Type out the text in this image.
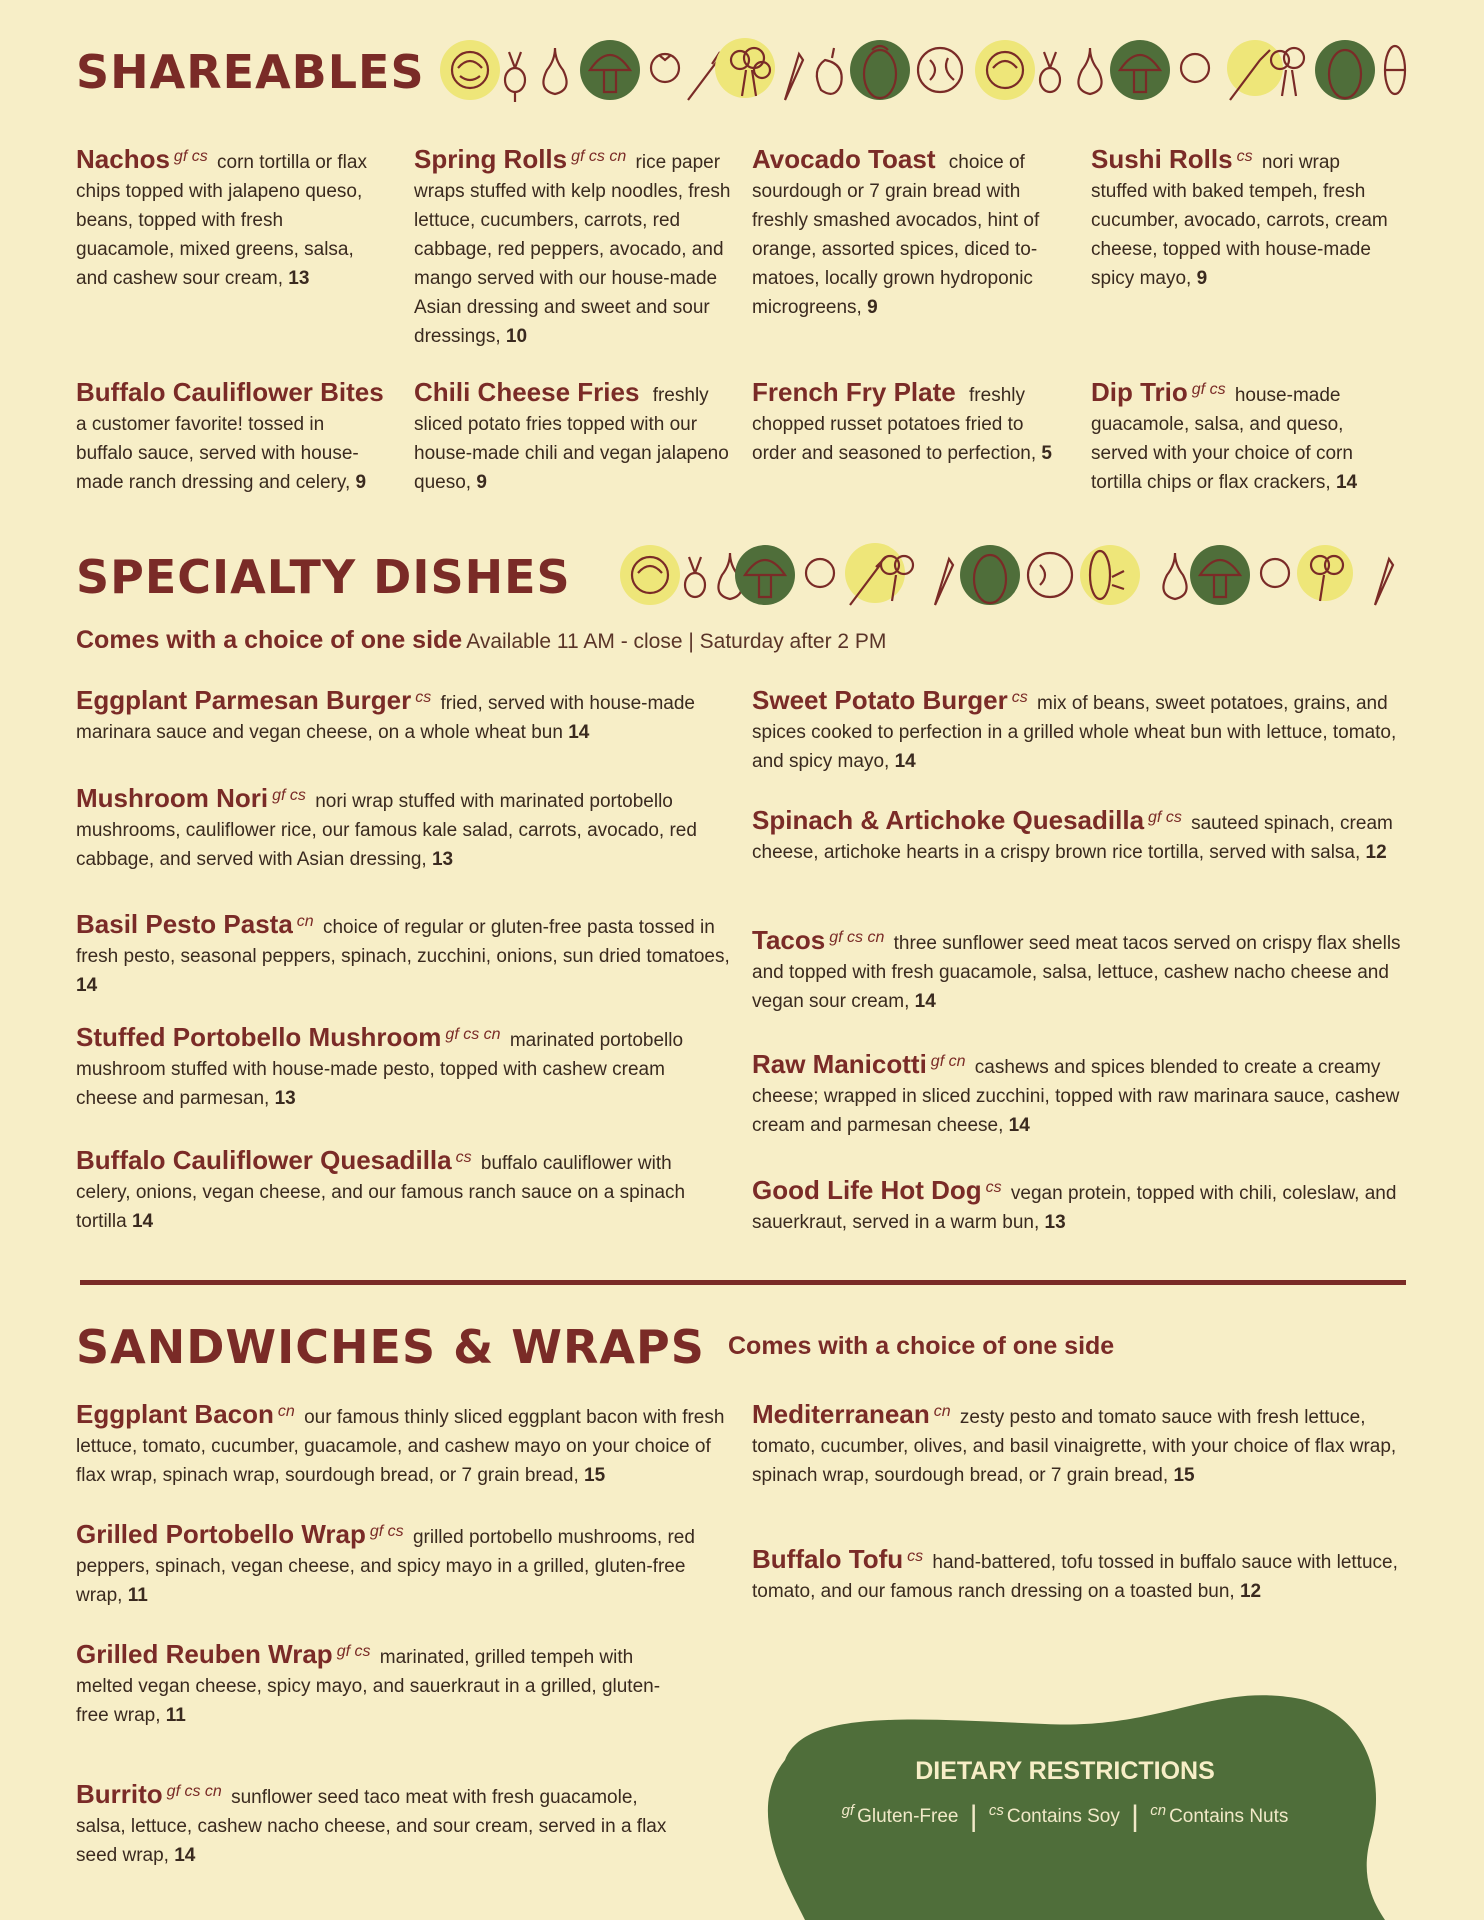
SHAREABLES

Nachos $^{gf cs}$ corn tortilla or flax chips topped with jalapeno queso, beans, topped with fresh guacamole, mixed greens, salsa, and cashew sour cream, 13

Spring Rolls $^{gf cs cn}$ rice paper wraps stuffed with kelp noodles, fresh lettuce, cucumbers, carrots, red cabbage, red peppers, avocado, and mango served with our house-made Asian dressing and sweet and sour dressings, 10

Avocado Toast choice of sourdough or 7 grain bread with freshly smashed avocados, hint of orange, assorted spices, diced to-matoes, locally grown hydroponic microgreens, 9

Sushi Rolls $^{cs}$ nori wrap stuffed with baked tempeh, fresh cucumber, avocado, carrots, cream cheese, topped with house-made spicy mayo, 9

Buffalo Cauliflower Bites a customer favorite! tossed in buffalo sauce, served with house-made ranch dressing and celery, 9

Chili Cheese Fries freshly sliced potato fries topped with our house-made chili and vegan jalapeno queso, 9

French Fry Plate freshly chopped russet potatoes fried to order and seasoned to perfection, 5

Dip Trio $^{gf cs}$ house-made guacamole, salsa, and queso, served with your choice of corn tortilla chips or flax crackers, 14

SPECIALTY DISHES

Comes with a choice of one side Available 11 AM - close | Saturday after 2 PM

Eggplant Parmesan Burger $^{cs}$ fried, served with house-made marinara sauce and vegan cheese, on a whole wheat bun 14

Mushroom Nori $^{gf cs}$ nori wrap stuffed with marinated portobello mushrooms, cauliflower rice, our famous kale salad, carrots, avocado, red cabbage, and served with Asian dressing, 13

Basil Pesto Pasta $^{cn}$ choice of regular or gluten-free pasta tossed in fresh pesto, seasonal peppers, spinach, zucchini, onions, sun dried tomatoes, 14

Stuffed Portobello Mushroom $^{gf cs cn}$ marinated portobello mushroom stuffed with house-made pesto, topped with cashew cream cheese and parmesan, 13

Buffalo Cauliflower Quesadilla $^{cs}$ buffalo cauliflower with celery, onions, vegan cheese, and our famous ranch sauce on a spinach tortilla 14

Sweet Potato Burger $^{cs}$ mix of beans, sweet potatoes, grains, and spices cooked to perfection in a grilled whole wheat bun with lettuce, tomato, and spicy mayo, 14

Spinach & Artichoke Quesadilla $^{gf cs}$ sauteed spinach, cream cheese, artichoke hearts in a crispy brown rice tortilla, served with salsa, 12

Tacos $^{gf cs cn}$ three sunflower seed meat tacos served on crispy flax shells and topped with fresh guacamole, salsa, lettuce, cashew nacho cheese and vegan sour cream, 14

Raw Manicotti $^{gf cn}$ cashews and spices blended to create a creamy cheese; wrapped in sliced zucchini, topped with raw marinara sauce, cashew cream and parmesan cheese, 14

Good Life Hot Dog $^{cs}$ vegan protein, topped with chili, coleslaw, and sauerkraut, served in a warm bun, 13

SANDWICHES & WRAPS Comes with a choice of one side

Eggplant Bacon $^{cn}$ our famous thinly sliced eggplant bacon with fresh lettuce, tomato, cucumber, guacamole, and cashew mayo on your choice of flax wrap, spinach wrap, sourdough bread, or 7 grain bread, 15

Grilled Portobello Wrap $^{gf cs}$ grilled portobello mushrooms, red peppers, spinach, vegan cheese, and spicy mayo in a grilled, gluten-free wrap, 11

Grilled Reuben Wrap $^{gf cs}$ marinated, grilled tempeh with melted vegan cheese, spicy mayo, and sauerkraut in a grilled, gluten-free wrap, 11

Burrito $^{gf cs cn}$ sunflower seed taco meat with fresh guacamole, salsa, lettuce, cashew nacho cheese, and sour cream, served in a flax seed wrap, 14

Mediterranean $^{cn}$ zesty pesto and tomato sauce with fresh lettuce, tomato, cucumber, olives, and basil vinaigrette, with your choice of flax wrap, spinach wrap, sourdough bread, or 7 grain bread, 15

Buffalo Tofu $^{cs}$ hand-battered, tofu tossed in buffalo sauce with lettuce, tomato, and our famous ranch dressing on a toasted bun, 12

DIETARY RESTRICTIONS

$^{gf}$ Gluten-Free | $^{cs}$ Contains Soy | $^{cn}$ Contains Nuts
